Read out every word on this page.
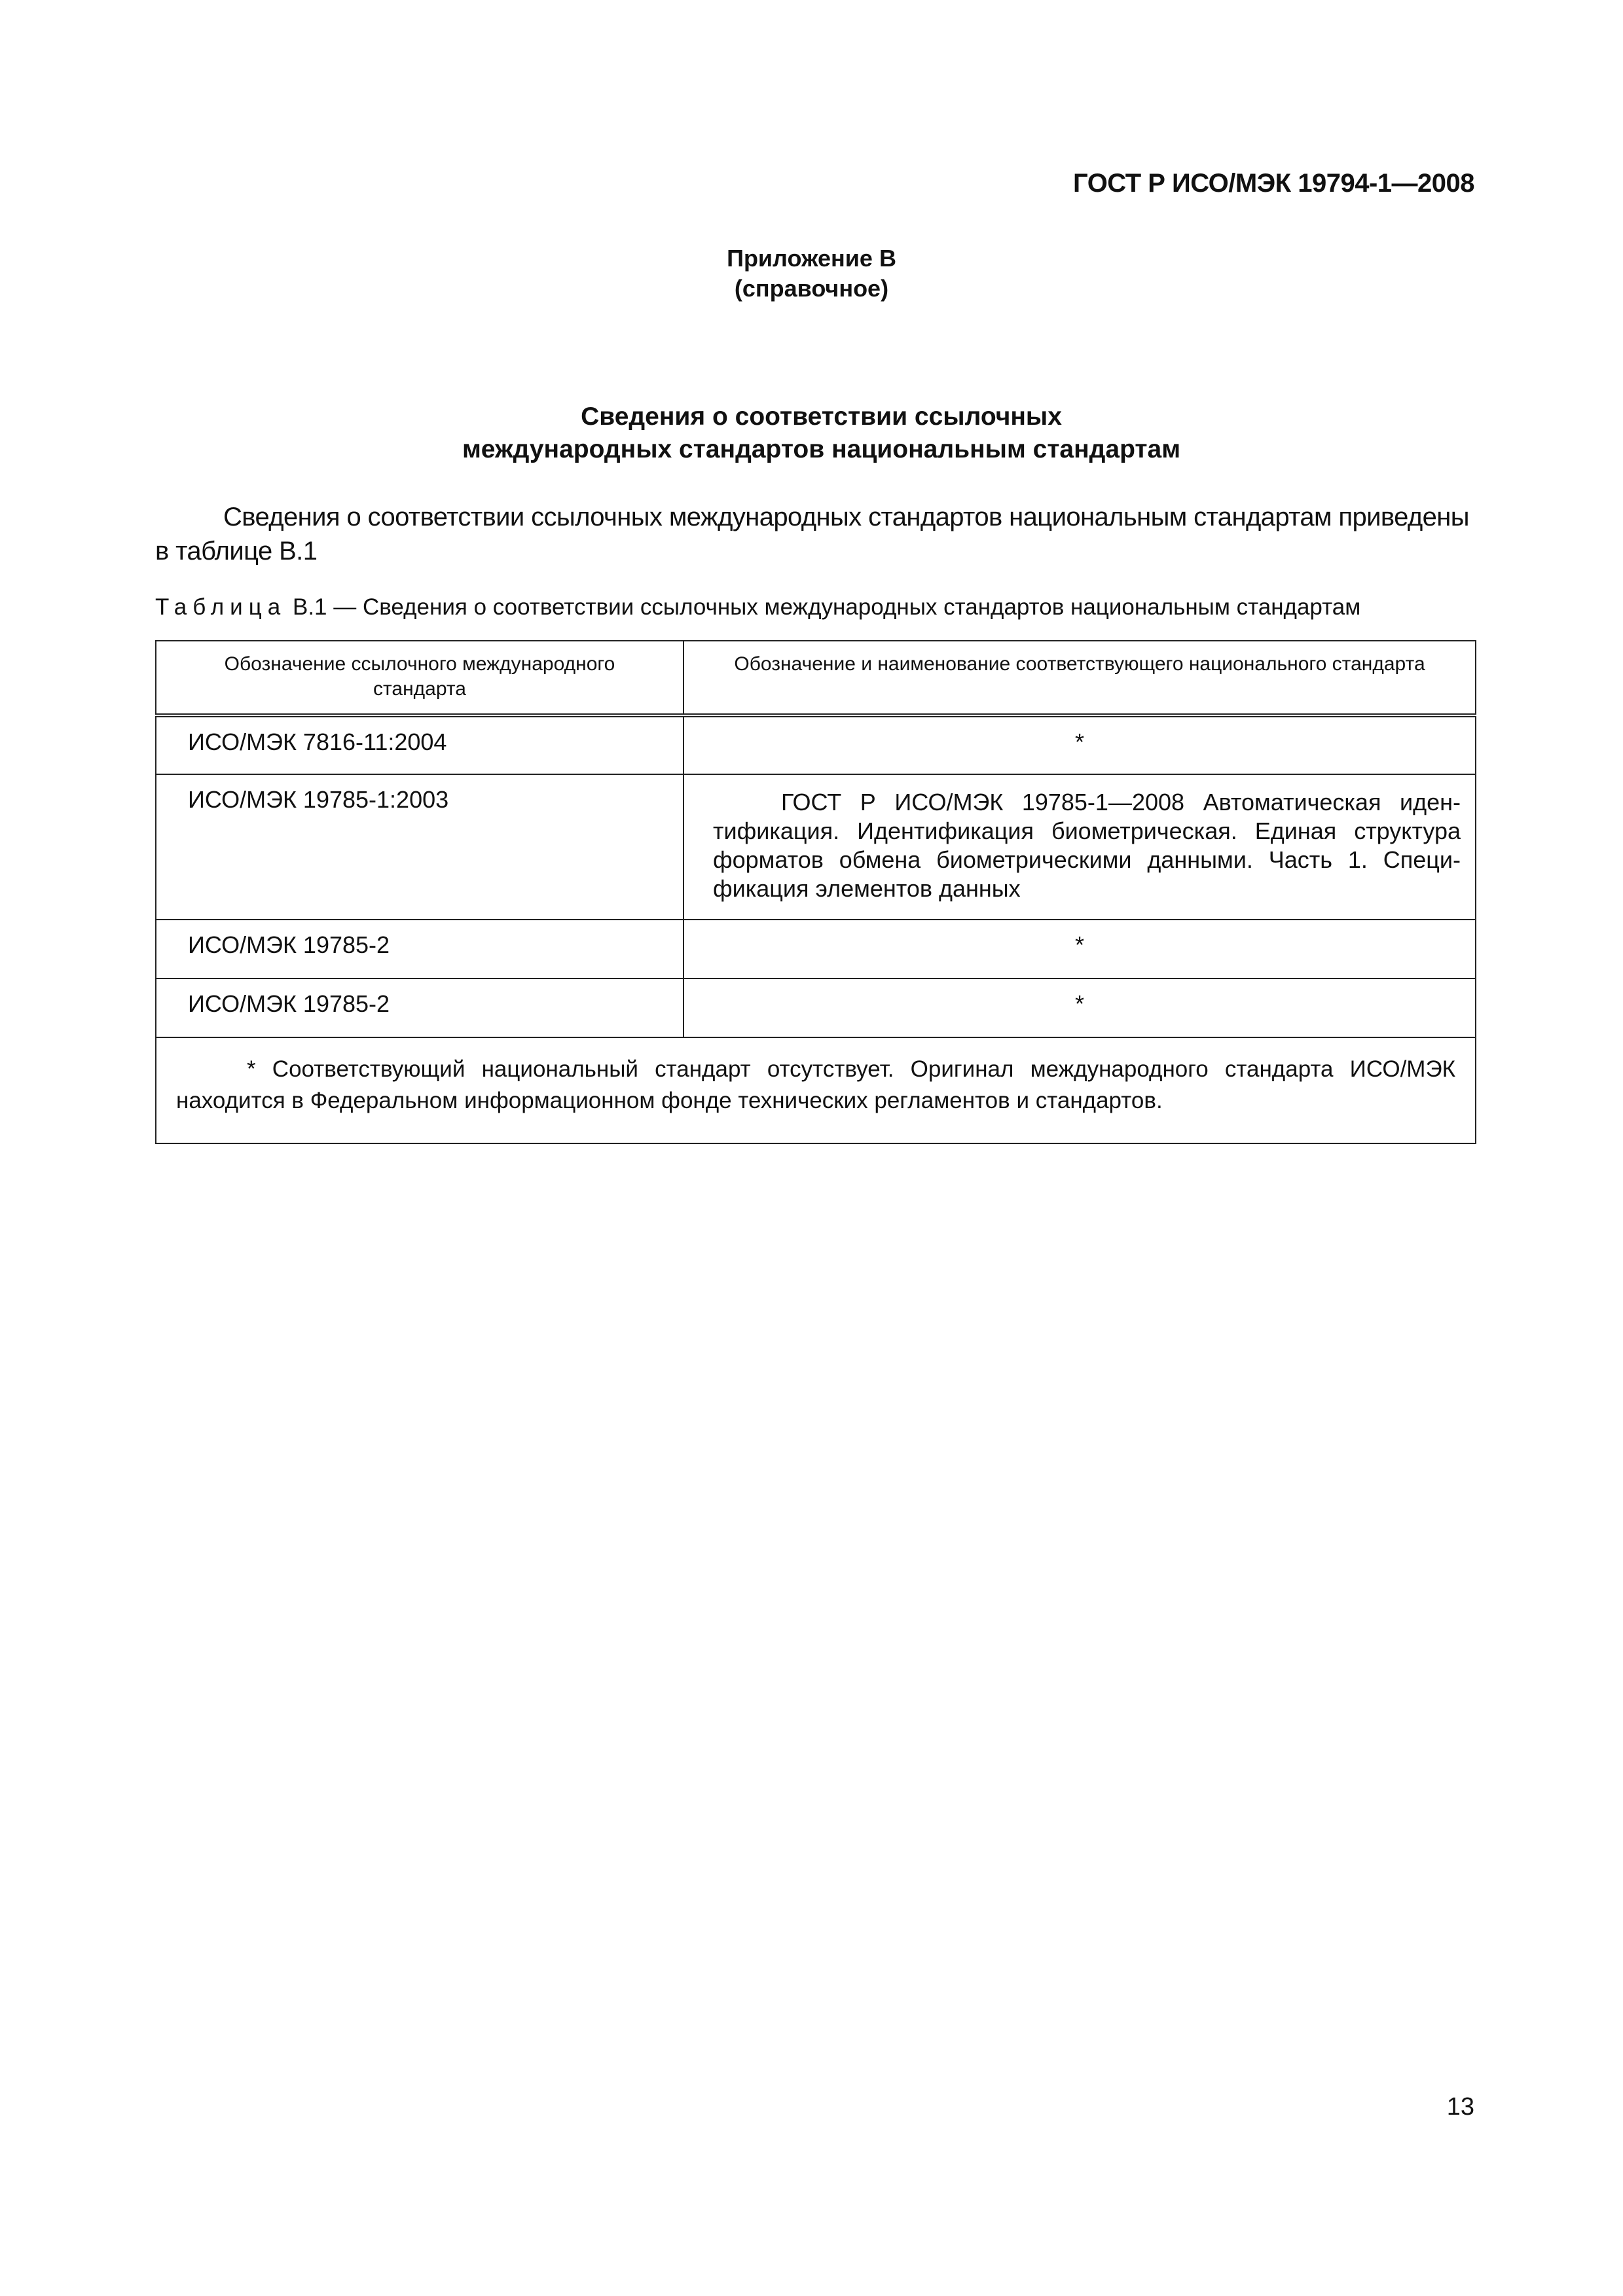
ГОСТ Р ИСО/МЭК 19794-1—2008
Приложение В
(справочное)
Сведения о соответствии ссылочных
международных стандартов национальным стандартам
Сведения о соответствии ссылочных международных стандартов национальным стандартам приведены в таблице В.1
Таблица В.1 — Сведения о соответствии ссылочных международных стандартов национальным стандартам
Обозначение ссылочного международного стандарта	Обозначение и наименование соответствующего национального стандарта
ИСО/МЭК 7816-11:2004	*
ИСО/МЭК 19785-1:2003	ГОСТ Р ИСО/МЭК 19785-1—2008 Автоматическая идентификация. Идентификация биометрическая. Единая структура форматов обмена биометрическими данными. Часть 1. Спецификация элементов данных

ИСО/МЭК 19785-2	*
ИСО/МЭК 19785-2	*
* Соответствующий национальный стандарт отсутствует. Оригинал международного стандарта ИСО/МЭК находится в Федеральном информационном фонде технических регламентов и стандартов.	
13
